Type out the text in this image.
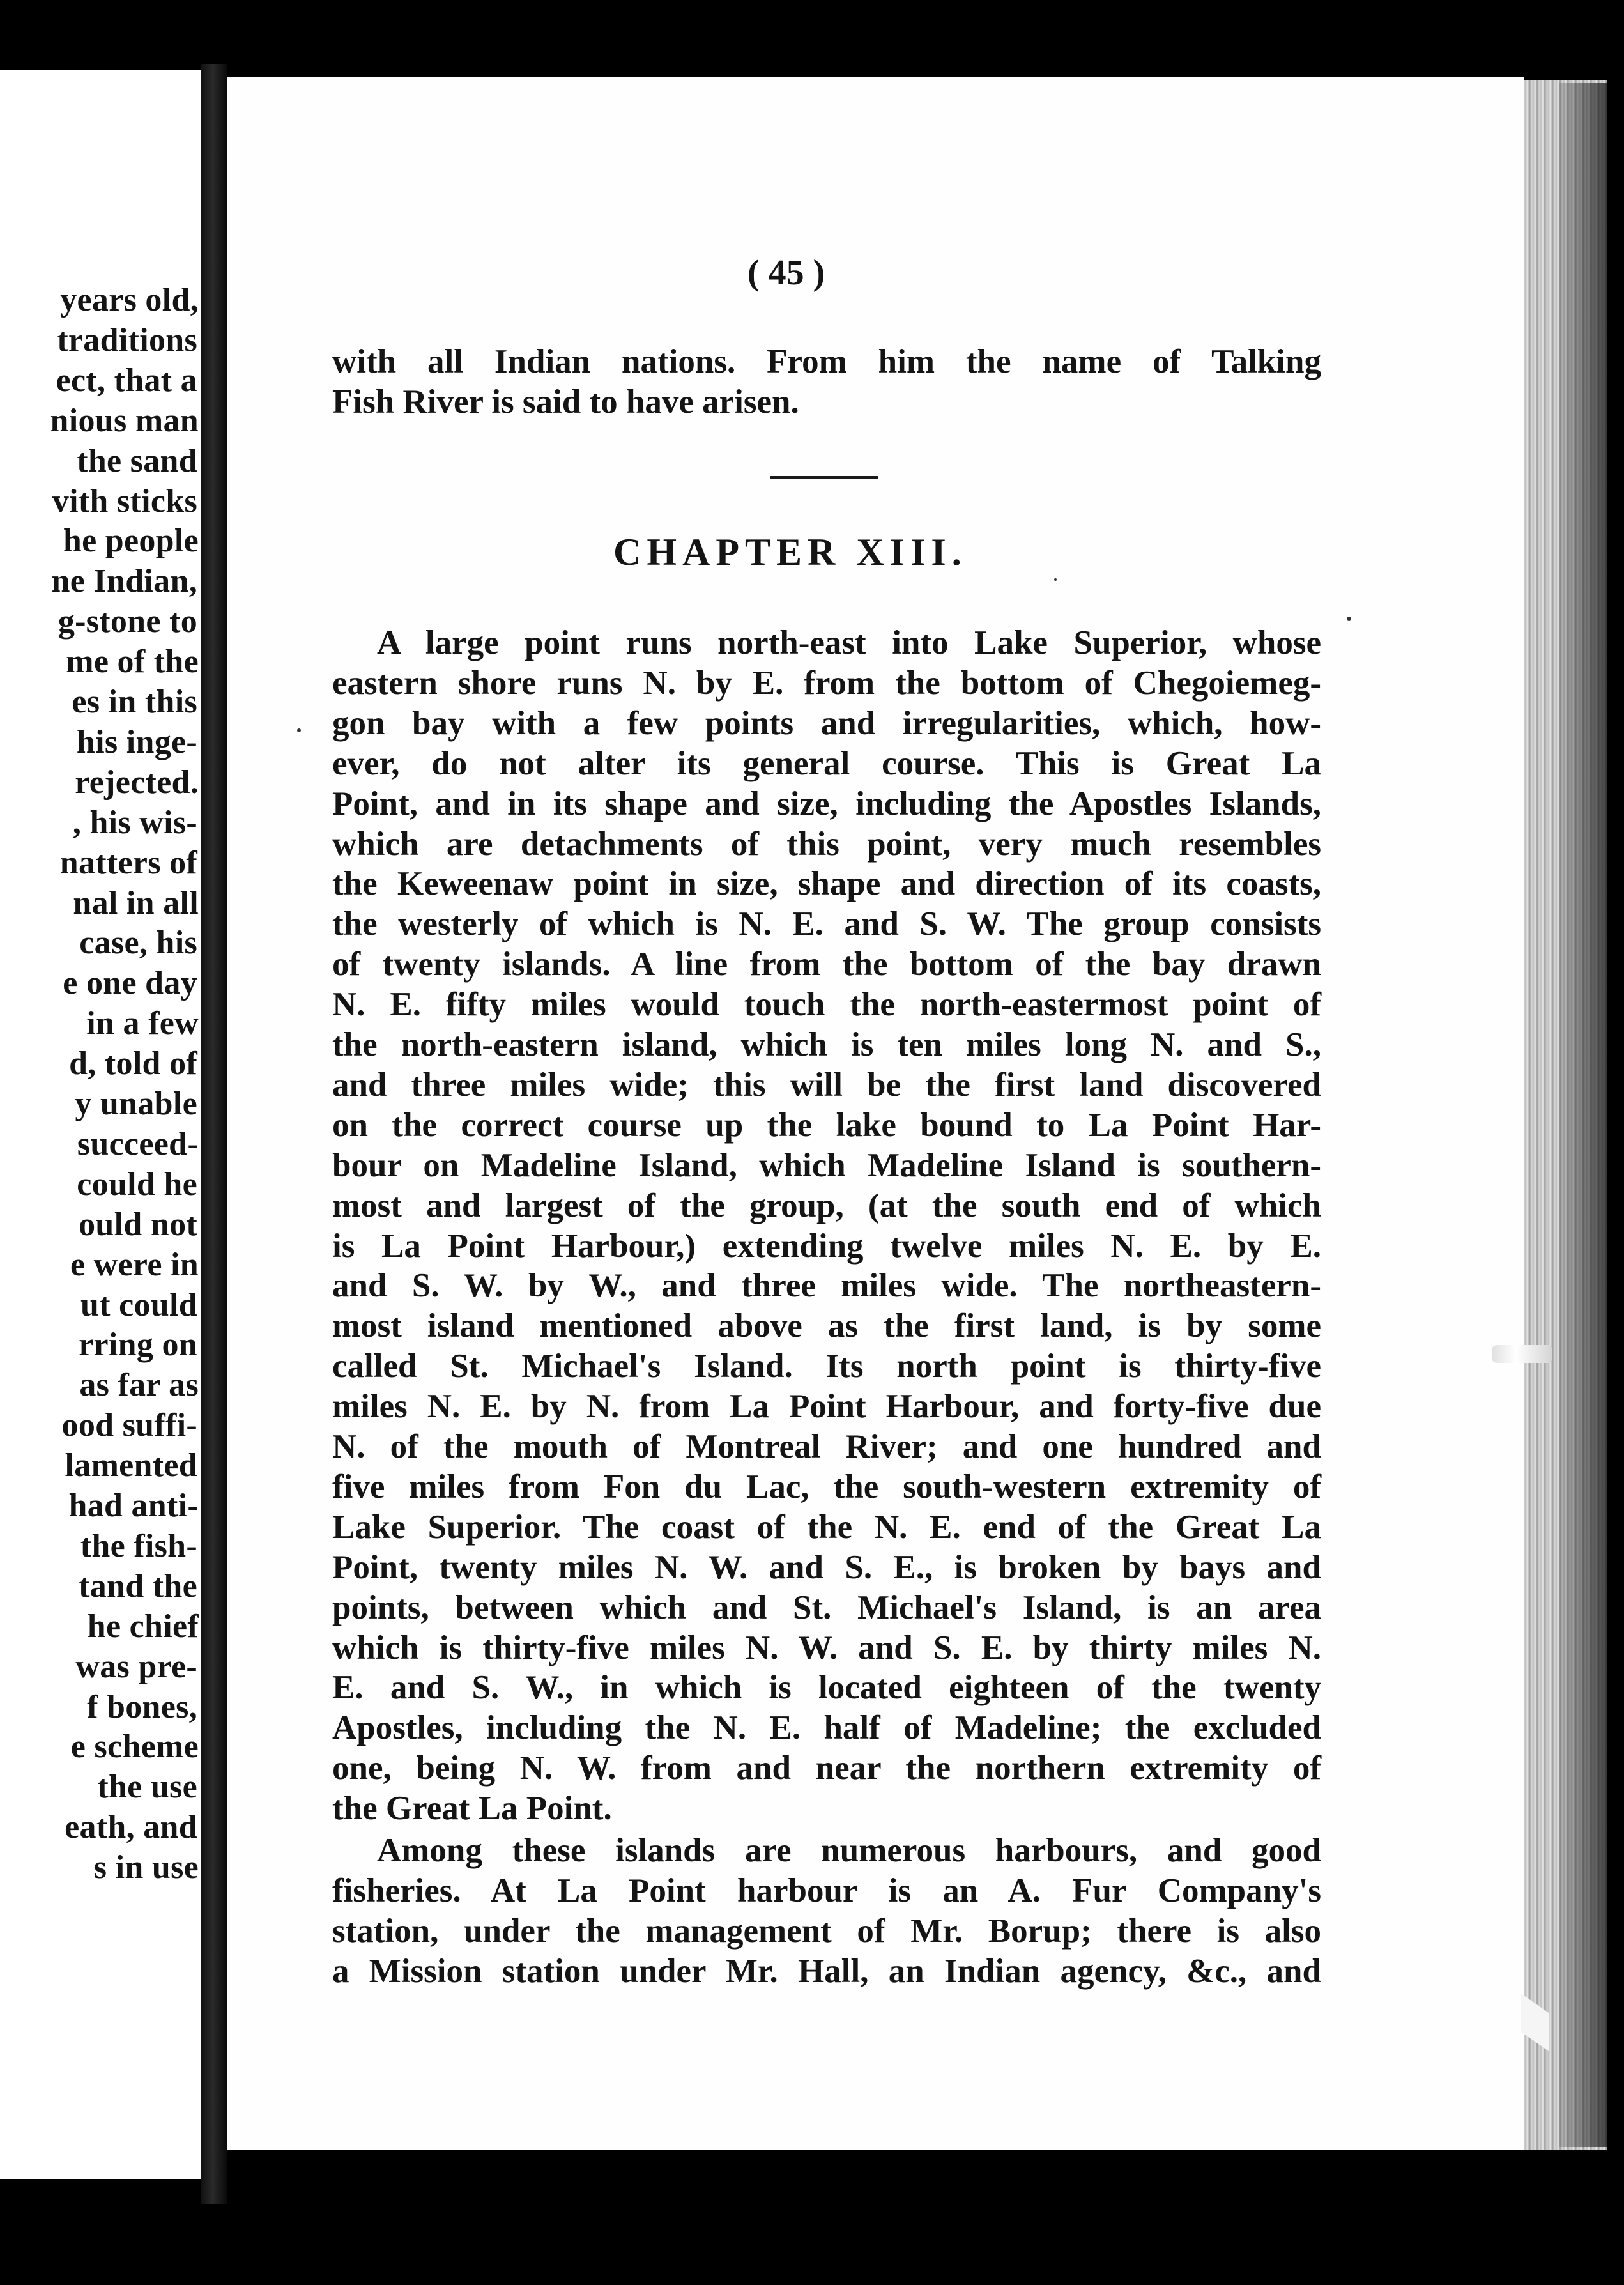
years old,
traditions
ect, that a
nious man
the sand
vith sticks
he people
ne Indian,
g-stone to
me of the
es in this
his inge-
rejected.
, his wis-
natters of
nal in all
case, his
e one day
in a few
d, told of
y unable
succeed-
could he
ould not
e were in
ut could
rring on
as far as
ood suffi-
lamented
had anti-
the fish-
tand the
he chief
was pre-
f bones,
e scheme
the use
eath, and
s in use
( 45 )
with all Indian nations. From him the name of Talking
Fish River is said to have arisen.
A large point runs north-east into Lake Superior, whose
eastern shore runs N. by E. from the bottom of Chegoiemeg-
gon bay with a few points and irregularities, which, how-
ever, do not alter its general course. This is Great La
Point, and in its shape and size, including the Apostles Islands,
which are detachments of this point, very much resembles
the Keweenaw point in size, shape and direction of its coasts,
the westerly of which is N. E. and S. W. The group consists
of twenty islands. A line from the bottom of the bay drawn
N. E. fifty miles would touch the north-eastermost point of
the north-eastern island, which is ten miles long N. and S.,
and three miles wide; this will be the first land discovered
on the correct course up the lake bound to La Point Har-
bour on Madeline Island, which Madeline Island is southern-
most and largest of the group, (at the south end of which
is La Point Harbour,) extending twelve miles N. E. by E.
and S. W. by W., and three miles wide. The northeastern-
most island mentioned above as the first land, is by some
called St. Michael's Island. Its north point is thirty-five
miles N. E. by N. from La Point Harbour, and forty-five due
N. of the mouth of Montreal River; and one hundred and
five miles from Fon du Lac, the south-western extremity of
Lake Superior. The coast of the N. E. end of the Great La
Point, twenty miles N. W. and S. E., is broken by bays and
points, between which and St. Michael's Island, is an area
which is thirty-five miles N. W. and S. E. by thirty miles N.
E. and S. W., in which is located eighteen of the twenty
Apostles, including the N. E. half of Madeline; the excluded
one, being N. W. from and near the northern extremity of
the Great La Point.
Among these islands are numerous harbours, and good
fisheries. At La Point harbour is an A. Fur Company's
station, under the management of Mr. Borup; there is also
a Mission station under Mr. Hall, an Indian agency, &c., and
CHAPTER XIII.
